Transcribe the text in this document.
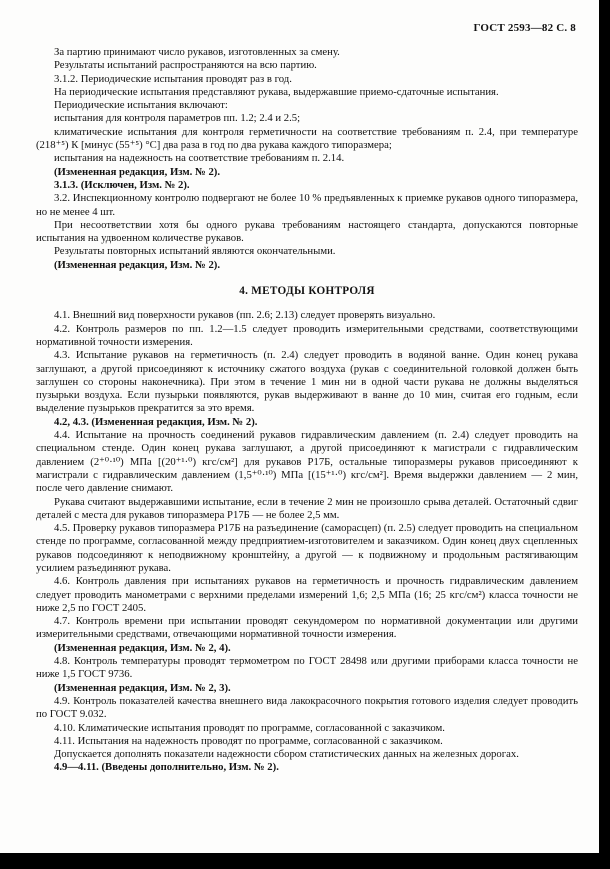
ГОСТ 2593—82 С. 8

За партию принимают число рукавов, изготовленных за смену.

Результаты испытаний распространяются на всю партию.

3.1.2. Периодические испытания проводят раз в год.

На периодические испытания представляют рукава, выдержавшие приемо-сдаточные испытания.

Периодические испытания включают:

испытания для контроля параметров пп. 1.2; 2.4 и 2.5;

климатические испытания для контроля герметичности на соответствие требованиям п. 2.4, при температуре (218⁺⁵) К [минус (55⁺⁵) °С] два раза в год по два рукава каждого типоразмера;

испытания на надежность на соответствие требованиям п. 2.14.

(Измененная редакция, Изм. № 2).

3.1.3. (Исключен, Изм. № 2).

3.2. Инспекционному контролю подвергают не более 10 % предъявленных к приемке рукавов одного типоразмера, но не менее 4 шт.

При несоответствии хотя бы одного рукава требованиям настоящего стандарта, допускаются повторные испытания на удвоенном количестве рукавов.

Результаты повторных испытаний являются окончательными.

(Измененная редакция, Изм. № 2).

4. МЕТОДЫ КОНТРОЛЯ

4.1. Внешний вид поверхности рукавов (пп. 2.6; 2.13) следует проверять визуально.

4.2. Контроль размеров по пп. 1.2—1.5 следует проводить измерительными средствами, соответствующими нормативной точности измерения.

4.3. Испытание рукавов на герметичность (п. 2.4) следует проводить в водяной ванне. Один конец рукава заглушают, а другой присоединяют к источнику сжатого воздуха (рукав с соединительной головкой должен быть заглушен со стороны наконечника). При этом в течение 1 мин ни в одной части рукава не должны выделяться пузырьки воздуха. Если пузырьки появляются, рукав выдерживают в ванне до 10 мин, считая его годным, если выделение пузырьков прекратится за это время.

4.2, 4.3. (Измененная редакция, Изм. № 2).

4.4. Испытание на прочность соединений рукавов гидравлическим давлением (п. 2.4) следует проводить на специальном стенде. Один конец рукава заглушают, а другой присоединяют к магистрали с гидравлическим давлением (2⁺⁰·¹⁰) МПа [(20⁺¹·⁰) кгс/см²] для рукавов Р17Б, остальные типоразмеры рукавов присоединяют к магистрали с гидравлическим давлением (1,5⁺⁰·¹⁰) МПа [(15⁺¹·⁰) кгс/см²]. Время выдержки давлением — 2 мин, после чего давление снимают.

Рукава считают выдержавшими испытание, если в течение 2 мин не произошло срыва деталей. Остаточный сдвиг деталей с места для рукавов типоразмера Р17Б — не более 2,5 мм.

4.5. Проверку рукавов типоразмера Р17Б на разъединение (саморасцеп) (п. 2.5) следует проводить на специальном стенде по программе, согласованной между предприятием-изготовителем и заказчиком. Один конец двух сцепленных рукавов подсоединяют к неподвижному кронштейну, а другой — к подвижному и продольным растягивающим усилием разъединяют рукава.

4.6. Контроль давления при испытаниях рукавов на герметичность и прочность гидравлическим давлением следует проводить манометрами с верхними пределами измерений 1,6; 2,5 МПа (16; 25 кгс/см²) класса точности не ниже 2,5 по ГОСТ 2405.

4.7. Контроль времени при испытании проводят секундомером по нормативной документации или другими измерительными средствами, отвечающими нормативной точности измерения.

(Измененная редакция, Изм. № 2, 4).

4.8. Контроль температуры проводят термометром по ГОСТ 28498 или другими приборами класса точности не ниже 1,5 ГОСТ 9736.

(Измененная редакция, Изм. № 2, 3).

4.9. Контроль показателей качества внешнего вида лакокрасочного покрытия готового изделия следует проводить по ГОСТ 9.032.

4.10. Климатические испытания проводят по программе, согласованной с заказчиком.

4.11. Испытания на надежность проводят по программе, согласованной с заказчиком.

Допускается дополнять показатели надежности сбором статистических данных на железных дорогах.

4.9—4.11. (Введены дополнительно, Изм. № 2).
